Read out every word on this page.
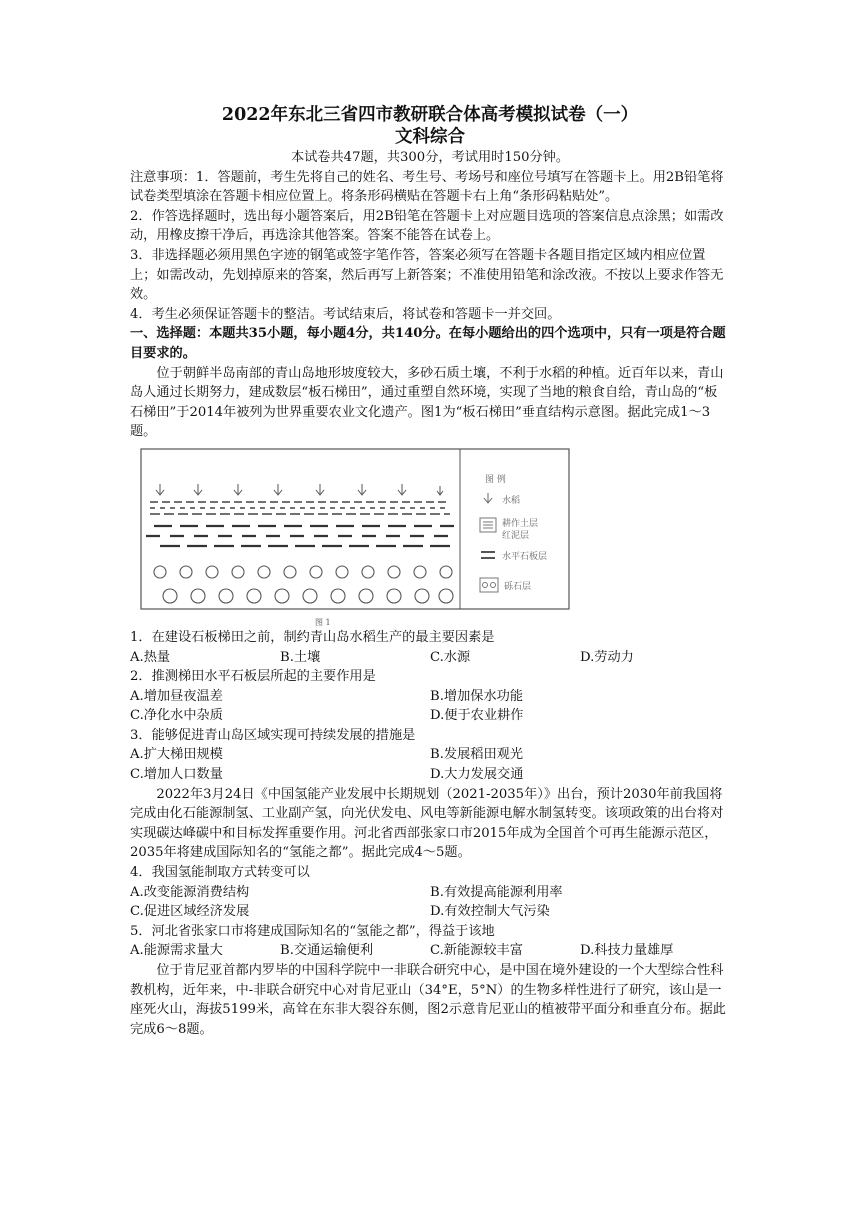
2022年东北三省四市教研联合体高考模拟试卷（一）
文科综合
本试卷共47题，共300分，考试用时150分钟。

注意事项：1．答题前，考生先将自己的姓名、考生号、考场号和座位号填写在答题卡上。用2B铅笔将试卷类型填涂在答题卡相应位置上。将条形码横贴在答题卡右上角“条形码粘贴处”。

2．作答选择题时，选出每小题答案后，用2B铅笔在答题卡上对应题目选项的答案信息点涂黑；如需改动，用橡皮擦干净后，再选涂其他答案。答案不能答在试卷上。

3．非选择题必须用黑色字迹的钢笔或签字笔作答，答案必须写在答题卡各题目指定区域内相应位置上；如需改动，先划掉原来的答案，然后再写上新答案；不准使用铅笔和涂改液。不按以上要求作答无效。

4．考生必须保证答题卡的整洁。考试结束后，将试卷和答题卡一并交回。

一、选择题：本题共35小题，每小题4分，共140分。在每小题给出的四个选项中，只有一项是符合题目要求的。

位于朝鲜半岛南部的青山岛地形坡度较大，多砂石质土壤，不利于水稻的种植。近百年以来，青山岛人通过长期努力，建成数层“板石梯田”，通过重塑自然环境，实现了当地的粮食自给，青山岛的“板石梯田”于2014年被列为世界重要农业文化遗产。图1为“板石梯田”垂直结构示意图。据此完成1～3题。

图 例
水稻
耕作土层
红泥层
水平石板层
砾石层
图 1

1．在建设石板梯田之前，制约青山岛水稻生产的最主要因素是

A.热量	B.土壤	C.水源	D.劳动力

2．推测梯田水平石板层所起的主要作用是

A.增加昼夜温差	B.增加保水功能
C.净化水中杂质	D.便于农业耕作

3．能够促进青山岛区域实现可持续发展的措施是

A.扩大梯田规模	B.发展稻田观光
C.增加人口数量	D.大力发展交通

2022年3月24日《中国氢能产业发展中长期规划（2021-2035年）》出台，预计2030年前我国将完成由化石能源制氢、工业副产氢，向光伏发电、风电等新能源电解水制氢转变。该项政策的出台将对实现碳达峰碳中和目标发挥重要作用。河北省西部张家口市2015年成为全国首个可再生能源示范区，2035年将建成国际知名的“氢能之都”。据此完成4～5题。

4．我国氢能制取方式转变可以

A.改变能源消费结构	B.有效提高能源利用率
C.促进区域经济发展	D.有效控制大气污染

5．河北省张家口市将建成国际知名的“氢能之都”，得益于该地

A.能源需求量大	B.交通运输便利	C.新能源较丰富	D.科技力量雄厚

位于肯尼亚首都内罗毕的中国科学院中一非联合研究中心，是中国在境外建设的一个大型综合性科教机构，近年来，中-非联合研究中心对肯尼亚山（34°E，5°N）的生物多样性进行了研究，该山是一座死火山，海拔5199米，高耸在东非大裂谷东侧，图2示意肯尼亚山的植被带平面分和垂直分布。据此完成6～8题。
